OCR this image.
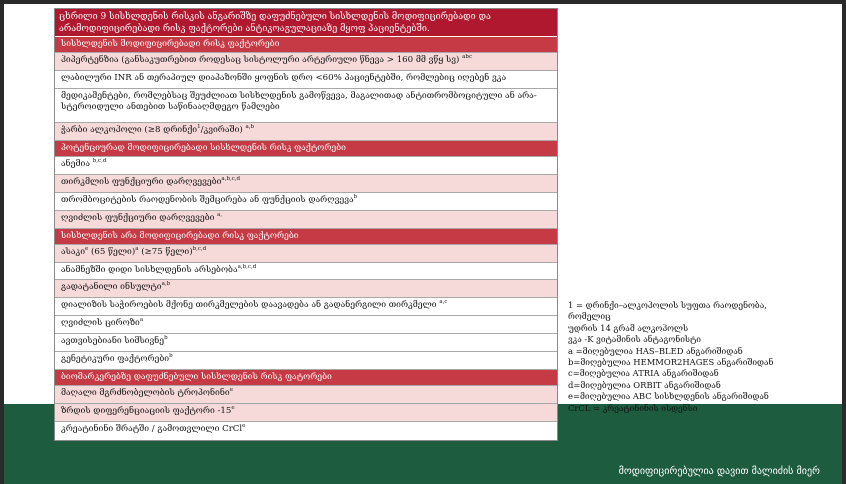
მოდიფიცირებულია დავით მალიძის მიერ
ცხრილი 9 სისხლდენის რისკის ანგარიშზე დაფუძნებული სისხლდენის მოდიფიცირებადი და არამოდიფიცირებადი რისკ ფაქტორები ანტიკოაგულაციაზე მყოფ პაციენტებში.
სისხლდენის მოდიფიცირებადი რისკ ფაქტორები
ჰიპერტენზია (განსაკუთრებით როდესაც სისტოლური არტერიული წნევა > 160 მმ ვწყ სვ) $^{abc}$
ლაბილური INR ან თერაპიულ დიაპაზონში ყოფნის დრო <60% პაციენტებში, რომლებიც იღებენ ვკა
მედიკამენტები, რომლებსაც შეუძლიათ სისხლდენის გამოწვევა, მაგალითად ანტითრომბოციტული ან არა-სტეროიდული ანთებით საწინააღმდეგო წამლები
ჭარბი ალკოჰოლი (≥8 დრინქი$^1$/კვირაში) $^{a,b}$
პოტენციურად მოდიფიცირებადი სისხლდენის რისკ ფაქტორები
ანემია $^{b,c,d}$
თირკმლის ფუნქციური დარღვევები$^{a,b,c,d}$
თრომბოციტების რაოდენობის შემცირება ან ფუნქციის დარღვევა$^b$
ღვიძლის ფუნქციური დარღვევები $^{a,}$
სისხლდენის არა მოდიფიცირებადი რისკ ფაქტორები
ასაკი$^e$ (65 წელი)$^a$ (≥75 წელი)$^{b,c,d}$
ანამნეზში დიდი სისხლდენის არსებობა$^{a,b,c,d}$
გადატანილი ინსულტი$^{a,b}$
დიალიზის საჭიროების მქონე თირკმელების დაავადება ან გადანერგილი თირკმელი $^{a,c}$
ღვიძლის ციროზი$^a$
ავთვისებიანი სიმსივნე$^b$
გენეტიკური ფაქტორები$^b$
ბიომარკერებზე დაფუძნებული სისხლდენის რისკ ფატორები
მაღალი მგრძნობელობის ტროპონინი$^e$
ზრდის დიფერენციაციის ფაქტორი -15e
კრეატინინი შრატში / გამოთვლილი CrCl$^e$
1 = დრინქი–ალკოჰოლის სუფთა რაოდენობა, რომელიც
უდრის 14 გრამ ალკოჰოლს
ვკა -K ვიტამინის ანტაგონისტი
a =მიღებულია HAS–BLED ანგარიშიდან
b=მიღებულია HEMMOR2HAGES ანგარიშიდან
c=მიღებულია ATRIA ანგარიშიდან
d=მიღებულია ORBIT ანგარიშიდან
e=მიღებულია ABC სისხლდენის ანგარიშიდან
CrCL = კრეატინინის ისდენსი
